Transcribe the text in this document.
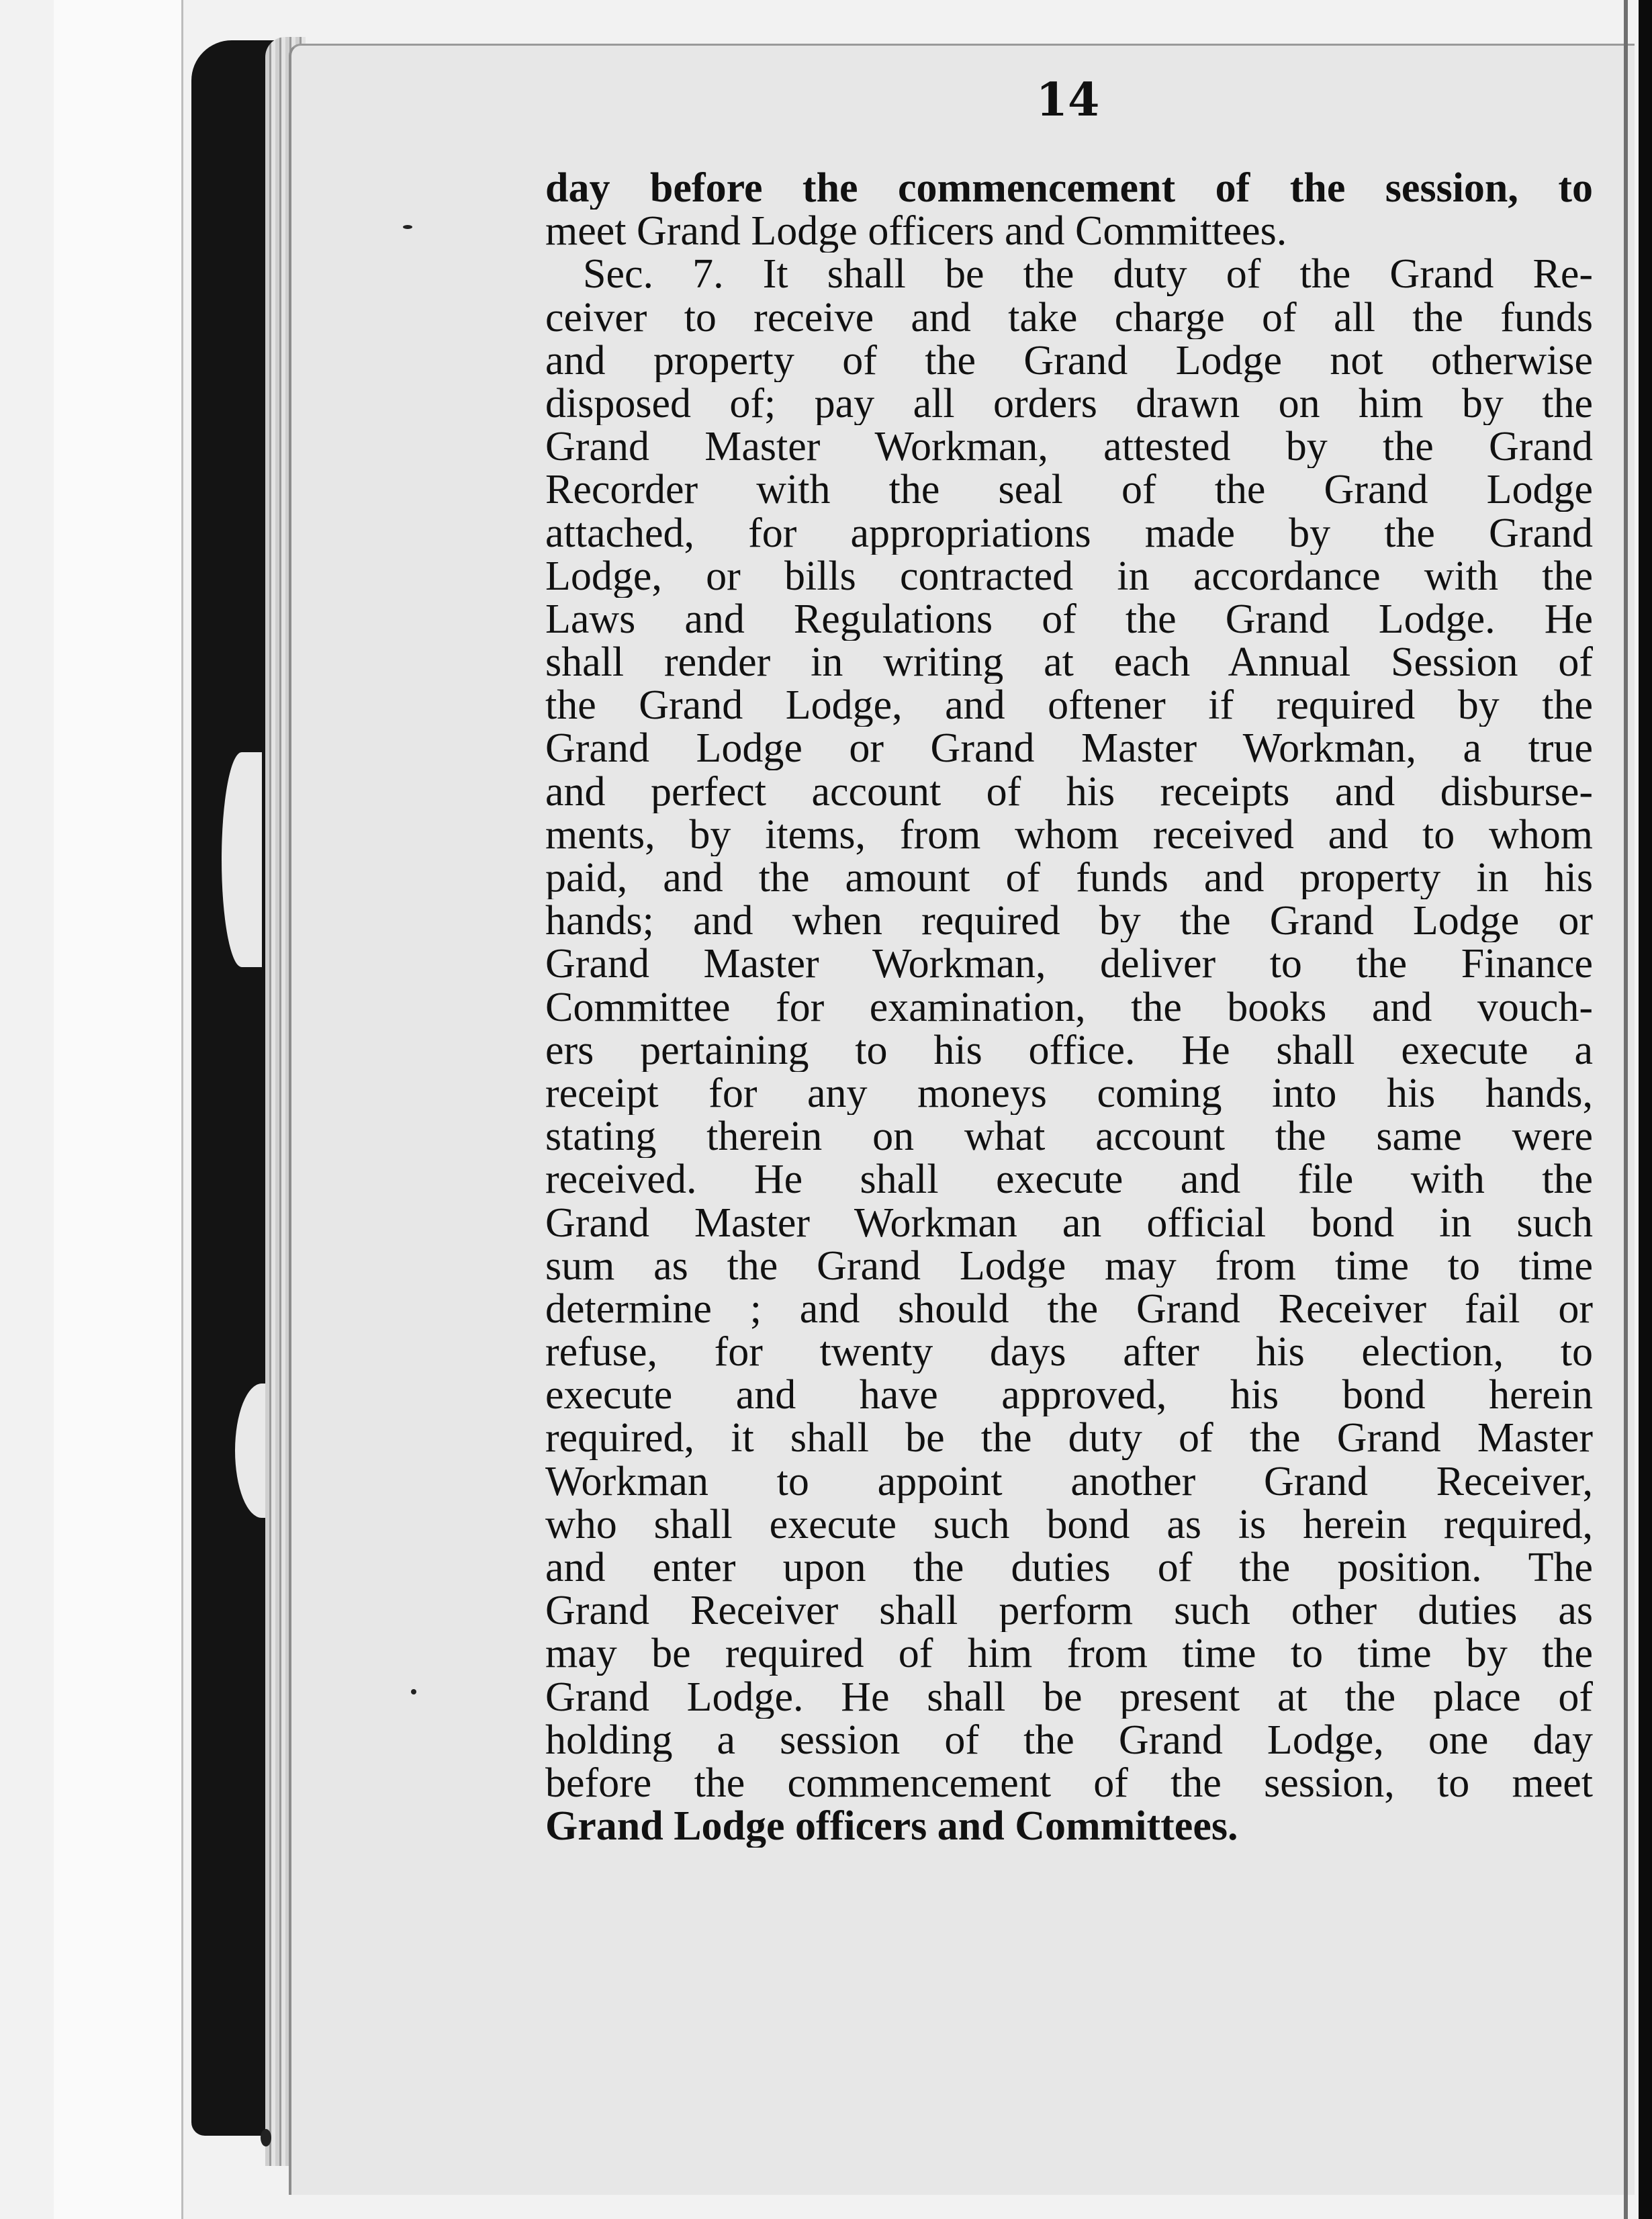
14
day before the commencement of the session, to
meet Grand Lodge officers and Committees.
Sec. 7. It shall be the duty of the Grand Re-
ceiver to receive and take charge of all the funds
and property of the Grand Lodge not otherwise
disposed of; pay all orders drawn on him by the
Grand Master Workman, attested by the Grand
Recorder with the seal of the Grand Lodge
attached, for appropriations made by the Grand
Lodge, or bills contracted in accordance with the
Laws and Regulations of the Grand Lodge. He
shall render in writing at each Annual Session of
the Grand Lodge, and oftener if required by the
Grand Lodge or Grand Master Workman, a true
and perfect account of his receipts and disburse-
ments, by items, from whom received and to whom
paid, and the amount of funds and property in his
hands; and when required by the Grand Lodge or
Grand Master Workman, deliver to the Finance
Committee for examination, the books and vouch-
ers pertaining to his office. He shall execute a
receipt for any moneys coming into his hands,
stating therein on what account the same were
received. He shall execute and file with the
Grand Master Workman an official bond in such
sum as the Grand Lodge may from time to time
determine ; and should the Grand Receiver fail or
refuse, for twenty days after his election, to
execute and have approved, his bond herein
required, it shall be the duty of the Grand Master
Workman to appoint another Grand Receiver,
who shall execute such bond as is herein required,
and enter upon the duties of the position. The
Grand Receiver shall perform such other duties as
may be required of him from time to time by the
Grand Lodge. He shall be present at the place of
holding a session of the Grand Lodge, one day
before the commencement of the session, to meet
Grand Lodge officers and Committees.
